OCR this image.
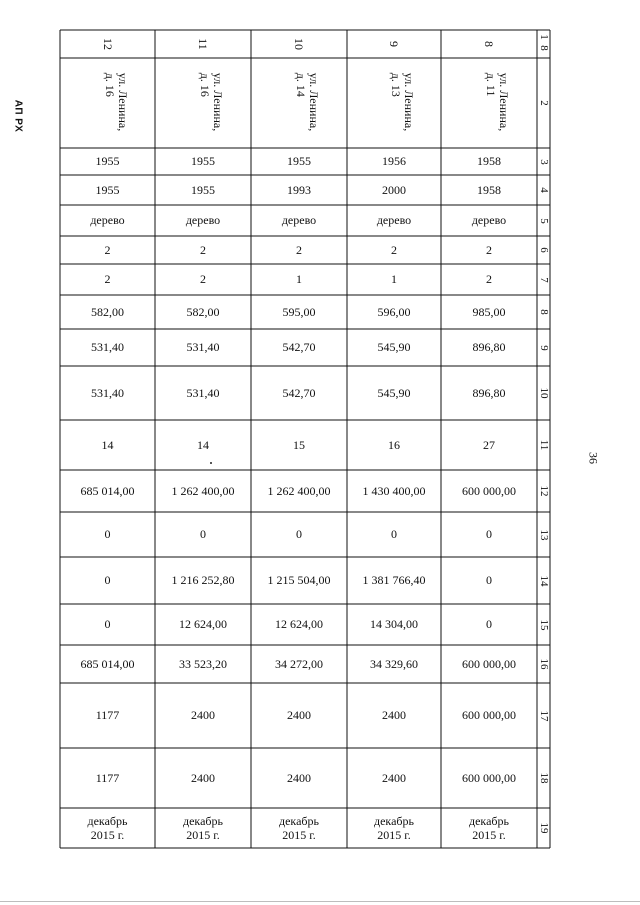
АП РХ
36
8
9
10
11
12
1
8
ул. Ленина,
д. 11
ул. Ленина,
д. 13
ул. Ленина,
д. 14
ул. Ленина,
д. 16
ул. Ленина,
д. 16
2
3
1958
1956
1955
1955
1955
4
1958
2000
1993
1955
1955
5
дерево
дерево
дерево
дерево
дерево
6
2
2
2
2
2
7
2
1
1
2
2
8
985,00
596,00
595,00
582,00
582,00
9
896,80
545,90
542,70
531,40
531,40
10
896,80
545,90
542,70
531,40
531,40
11
27
16
15
14
14
12
600 000,00
1 430 400,00
1 262 400,00
1 262 400,00
685 014,00
13
0
0
0
0
0
14
0
1 381 766,40
1 215 504,00
1 216 252,80
0
15
0
14 304,00
12 624,00
12 624,00
0
16
600 000,00
34 329,60
34 272,00
33 523,20
685 014,00
17
600 000,00
2400
2400
2400
1177
18
600 000,00
2400
2400
2400
1177
19
декабрь
2015 г.
декабрь
2015 г.
декабрь
2015 г.
декабрь
2015 г.
декабрь
2015 г.
